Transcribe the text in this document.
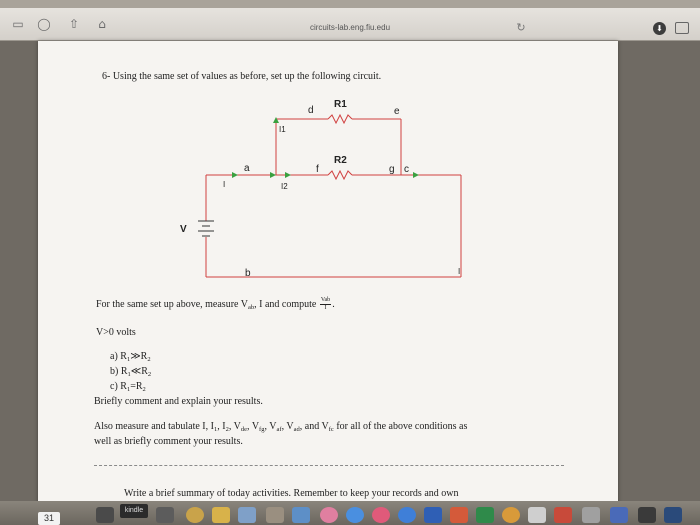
▭ ◯ ⇧	⌂	circuits-lab.eng.fiu.edu	↻	⬇
6- Using the same set of values as before, set up the following circuit.
R1
d	e
I1
R2
f	g c
a
I	I2
V
b	I
For the same set up above, measure $V_{ab}$, I and compute $\frac{\text{Vab}}{I}$ .
V>0 volts
a) $R_1≫R_2$
b) $R_1≪R_2$
c) $R_1=R_2$
Briefly comment and explain your results.
Also measure and tabulate I, $I_1$, $I_2$, $V_{de}$, $V_{fg}$, $V_{af}$, $V_{ad}$, and $V_{fc}$ for all of the above conditions as
well as briefly comment your results.
Write a brief summary of today activities. Remember to keep your records and own
31
kindle
